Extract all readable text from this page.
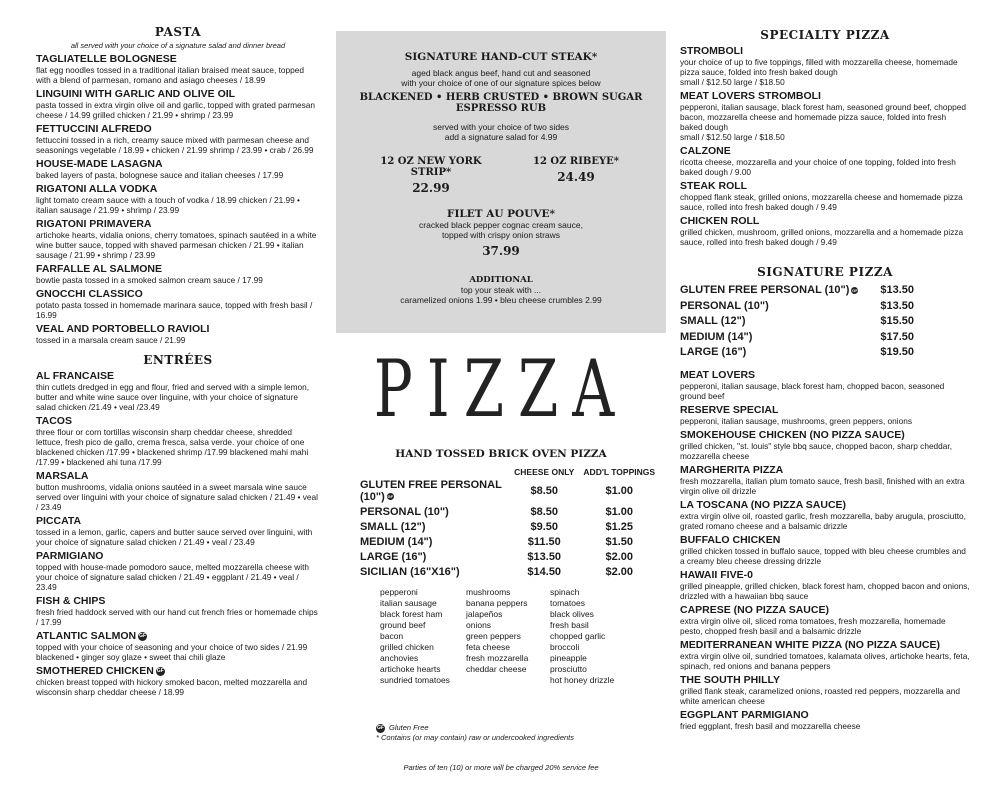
PASTA
all served with your choice of a signature salad and dinner bread
TAGLIATELLE BOLOGNESE
flat egg noodles tossed in a traditional italian braised meat sauce, topped with a blend of parmesan, romano and asiago cheeses / 18.99
LINGUINI WITH GARLIC AND OLIVE OIL
pasta tossed in extra virgin olive oil and garlic, topped with grated parmesan cheese / 14.99 grilled chicken / 21.99 • shrimp / 23.99
FETTUCCINI ALFREDO
fettuccini tossed in a rich, creamy sauce mixed with parmesan cheese and seasonings vegetable / 18.99 • chicken / 21.99 shrimp / 23.99 • crab / 26.99
HOUSE-MADE LASAGNA
baked layers of pasta, bolognese sauce and italian cheeses / 17.99
RIGATONI ALLA VODKA
light tomato cream sauce with a touch of vodka / 18.99 chicken / 21.99 • italian sausage / 21.99 • shrimp / 23.99
RIGATONI PRIMAVERA
artichoke hearts, vidalia onions, cherry tomatoes, spinach sautéed in a white wine butter sauce, topped with shaved parmesan chicken / 21.99 • italian sausage / 21.99 • shrimp / 23.99
FARFALLE AL SALMONE
bowtie pasta tossed in a smoked salmon cream sauce / 17.99
GNOCCHI CLASSICO
potato pasta tossed in homemade marinara sauce, topped with fresh basil / 16.99
VEAL AND PORTOBELLO RAVIOLI
tossed in a marsala cream sauce / 21.99
ENTRÉES
AL FRANCAISE
thin cutlets dredged in egg and flour, fried and served with a simple lemon, butter and white wine sauce over linguine, with your choice of signature salad chicken /21.49 • veal /23.49
TACOS
three flour or corn tortillas wisconsin sharp cheddar cheese, shredded lettuce, fresh pico de gallo, crema fresca, salsa verde. your choice of one blackened chicken /17.99 • blackened shrimp /17.99 blackened mahi mahi /17.99 • blackened ahi tuna /17.99
MARSALA
button mushrooms, vidalia onions sautéed in a sweet marsala wine sauce served over linguini with your choice of signature salad chicken / 21.49 • veal / 23.49
PICCATA
tossed in a lemon, garlic, capers and butter sauce served over linguini, with your choice of signature salad chicken / 21.49 • veal / 23.49
PARMIGIANO
topped with house-made pomodoro sauce, melted mozzarella cheese with your choice of signature salad chicken / 21.49 • eggplant / 21.49 • veal / 23.49
FISH & CHIPS
fresh fried haddock served with our hand cut french fries or homemade chips / 17.99
ATLANTIC SALMON GF
topped with your choice of seasoning and your choice of two sides / 21.99 blackened • ginger soy glaze • sweet thai chili glaze
SMOTHERED CHICKEN GF
chicken breast topped with hickory smoked bacon, melted mozzarella and wisconsin sharp cheddar cheese / 18.99
SIGNATURE HAND-CUT STEAK*
aged black angus beef, hand cut and seasoned
with your choice of one of our signature spices below
BLACKENED • HERB CRUSTED • BROWN SUGAR ESPRESSO RUB
served with your choice of two sides
add a signature salad for 4.99
12 OZ NEW YORK STRIP*
22.99
12 OZ RIBEYE*
24.49
FILET AU POUVE*
cracked black pepper cognac cream sauce,
topped with crispy onion straws
37.99
ADDITIONAL
top your steak with ...
caramelized onions 1.99 • bleu cheese crumbles 2.99
PIZZA
HAND TOSSED BRICK OVEN PIZZA
	CHEESE ONLY	ADD'L TOPPINGS
GLUTEN FREE PERSONAL (10") GF	$8.50	$1.00
PERSONAL (10")	$8.50	$1.00
SMALL (12")	$9.50	$1.25
MEDIUM (14")	$11.50	$1.50
LARGE (16")	$13.50	$2.00
SICILIAN (16"X16")	$14.50	$2.00
pepperoni
italian sausage
black forest ham
ground beef
bacon
grilled chicken
anchovies
artichoke hearts
sundried tomatoes
mushrooms
banana peppers
jalapeños
onions
green peppers
feta cheese
fresh mozzarella
cheddar cheese
spinach
tomatoes
black olives
fresh basil
chopped garlic
broccoli
pineapple
prosciutto
hot honey drizzle
GF Gluten Free
* Contains (or may contain) raw or undercooked ingredients
Parties of ten (10) or more will be charged 20% service fee
SPECIALTY PIZZA
STROMBOLI
your choice of up to five toppings, filled with mozzarella cheese, homemade pizza sauce, folded into fresh baked dough
small / $12.50 large / $18.50
MEAT LOVERS STROMBOLI
pepperoni, italian sausage, black forest ham, seasoned ground beef, chopped bacon, mozzarella cheese and homemade pizza sauce, folded into fresh baked dough
small / $12.50 large / $18.50
CALZONE
ricotta cheese, mozzarella and your choice of one topping, folded into fresh baked dough / 9.00
STEAK ROLL
chopped flank steak, grilled onions, mozzarella cheese and homemade pizza sauce, rolled into fresh baked dough / 9.49
CHICKEN ROLL
grilled chicken, mushroom, grilled onions, mozzarella and a homemade pizza sauce, rolled into fresh baked dough / 9.49
SIGNATURE PIZZA
GLUTEN FREE PERSONAL (10") GF $13.50
PERSONAL (10")	$13.50
SMALL (12")	$15.50
MEDIUM (14")	$17.50
LARGE (16")	$19.50
MEAT LOVERS
pepperoni, italian sausage, black forest ham, chopped bacon, seasoned ground beef
RESERVE SPECIAL
pepperoni, italian sausage, mushrooms, green peppers, onions
SMOKEHOUSE CHICKEN (NO PIZZA SAUCE)
grilled chicken, "st. louis" style bbq sauce, chopped bacon, sharp cheddar, mozzarella cheese
MARGHERITA PIZZA
fresh mozzarella, italian plum tomato sauce, fresh basil, finished with an extra virgin olive oil drizzle
LA TOSCANA (NO PIZZA SAUCE)
extra virgin olive oil, roasted garlic, fresh mozzarella, baby arugula, prosciutto, grated romano cheese and a balsamic drizzle
BUFFALO CHICKEN
grilled chicken tossed in buffalo sauce, topped with bleu cheese crumbles and a creamy bleu cheese dressing drizzle
HAWAII FIVE-0
grilled pineapple, grilled chicken, black forest ham, chopped bacon and onions, drizzled with a hawaiian bbq sauce
CAPRESE (NO PIZZA SAUCE)
extra virgin olive oil, sliced roma tomatoes, fresh mozzarella, homemade pesto, chopped fresh basil and a balsamic drizzle
MEDITERRANEAN WHITE PIZZA (NO PIZZA SAUCE)
extra virgin olive oil, sundried tomatoes, kalamata olives, artichoke hearts, feta, spinach, red onions and banana peppers
THE SOUTH PHILLY
grilled flank steak, caramelized onions, roasted red peppers, mozzarella and white american cheese
EGGPLANT PARMIGIANO
fried eggplant, fresh basil and mozzarella cheese
